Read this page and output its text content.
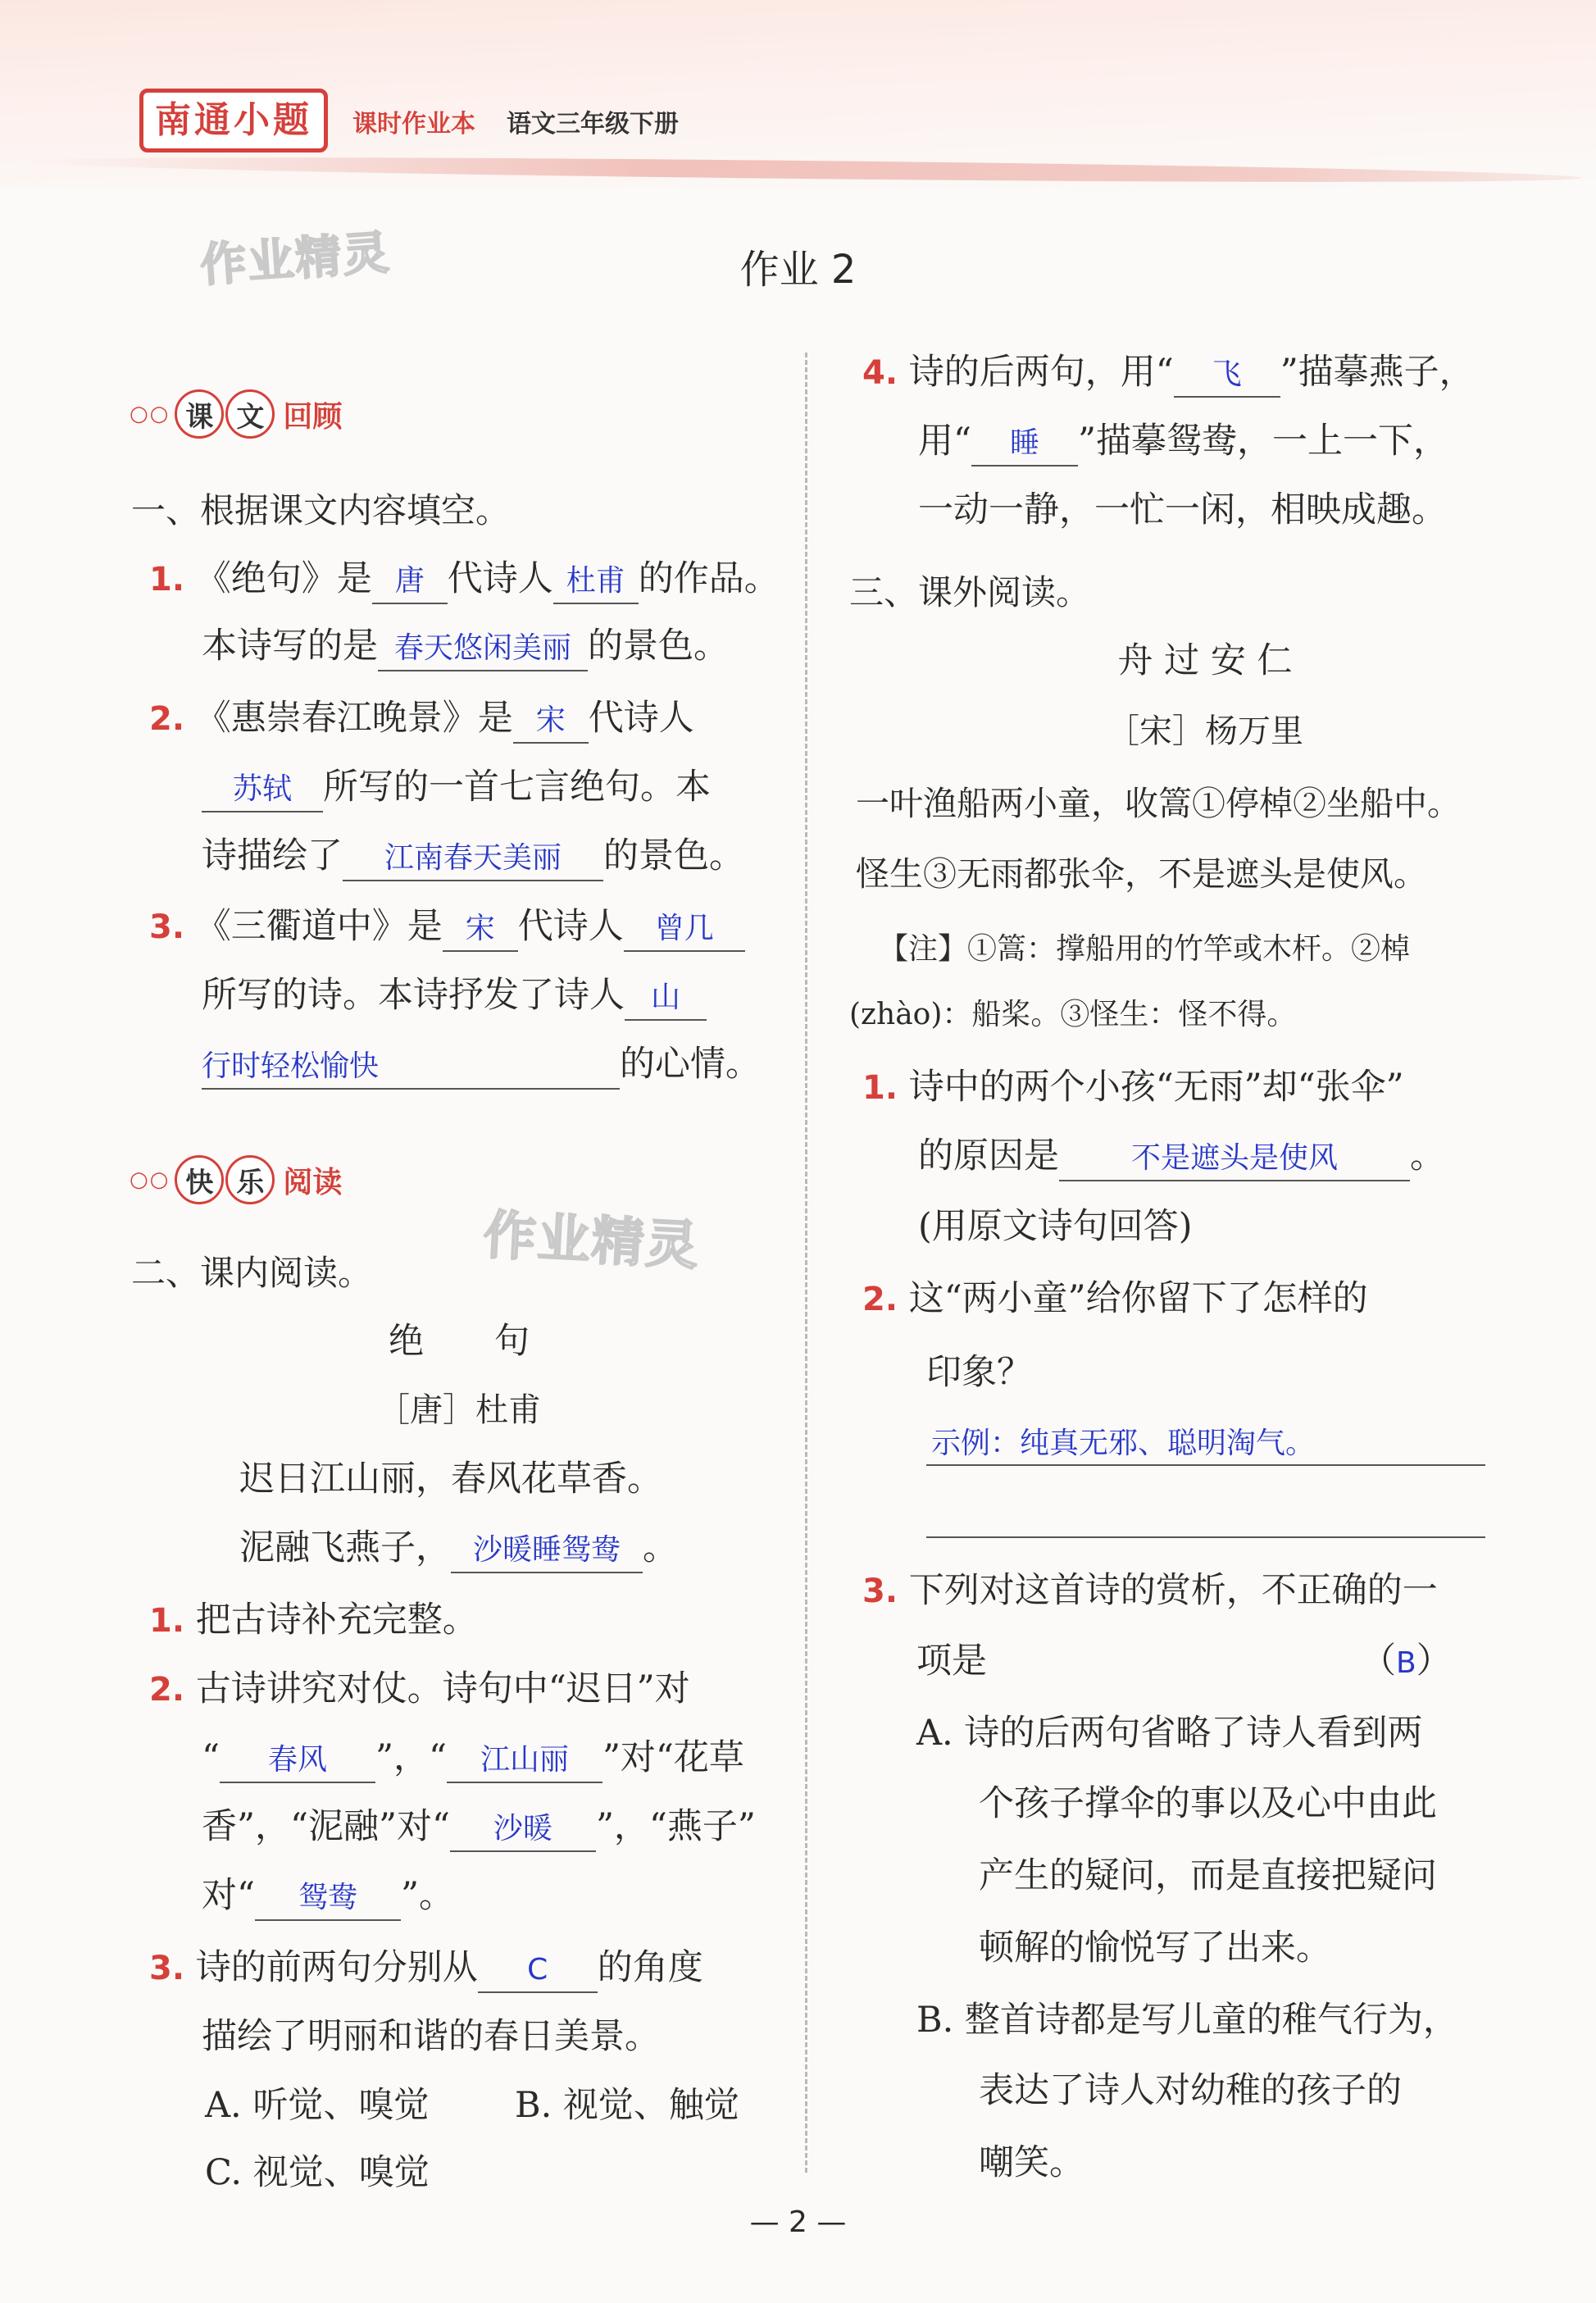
南通小题	课时作业本 语文三年级下册
作业精灵
作业精灵
作业 2
○○ 课 文 回顾
一、根据课文内容填空。
1. 《绝句》是 唐 代诗人 杜甫 的作品。
本诗写的是 春天悠闲美丽 的景色。
2. 《惠崇春江晚景》是 宋 代诗人
苏轼 所写的一首七言绝句。本
诗描绘了 江南春天美丽 的景色。
3. 《三衢道中》是 宋 代诗人 曾几
所写的诗。本诗抒发了诗人 山
行时轻松愉快	的心情。
○○ 快 乐 阅读
二、课内阅读。
绝　　句
［唐］杜甫
迟日江山丽，春风花草香。
泥融飞燕子， 沙暖睡鸳鸯 。
1. 把古诗补充完整。
2. 古诗讲究对仗。诗句中“迟日”对
“ 春风 ”，“ 江山丽 ”对“花草
香”，“泥融”对“ 沙暖 ”，“燕子”
对“ 鸳鸯 ”。
3. 诗的前两句分别从 C 的角度
描绘了明丽和谐的春日美景。
A. 听觉、嗅觉 B. 视觉、触觉
C. 视觉、嗅觉
4. 诗的后两句，用“ 飞 ”描摹燕子，
用“ 睡 ”描摹鸳鸯，一上一下，
一动一静，一忙一闲，相映成趣。
三、课外阅读。
舟 过 安 仁
［宋］杨万里
一叶渔船两小童，收篙①停棹②坐船中。
怪生③无雨都张伞，不是遮头是使风。
【注】①篙：撑船用的竹竿或木杆。②棹
(zhào)：船桨。③怪生：怪不得。
1. 诗中的两个小孩“无雨”却“张伞”
的原因是 不是遮头是使风 。
(用原文诗句回答)
2. 这“两小童”给你留下了怎样的
印象？
示例：纯真无邪、聪明淘气。
3. 下列对这首诗的赏析，不正确的一
项是	（B）
A. 诗的后两句省略了诗人看到两
个孩子撑伞的事以及心中由此
产生的疑问，而是直接把疑问
顿解的愉悦写了出来。
B. 整首诗都是写儿童的稚气行为，
表达了诗人对幼稚的孩子的
嘲笑。
— 2 —
